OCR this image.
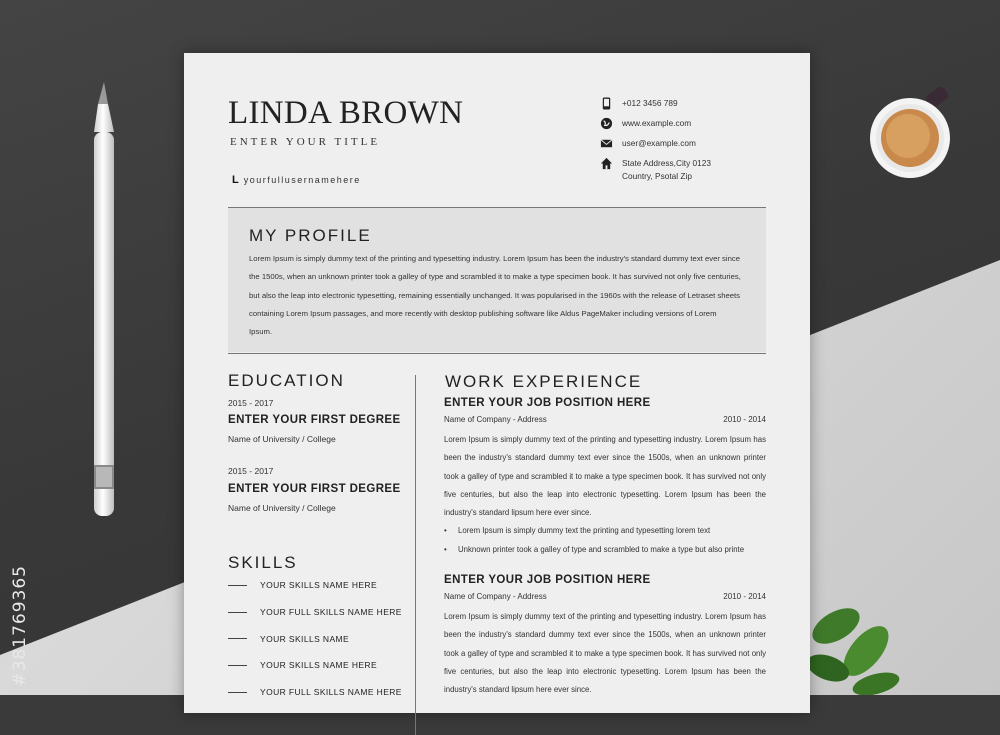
#381769365
LINDA BROWN
ENTER YOUR TITLE
L yourfullusernamehere
+012 3456 789
www.example.com
user@example.com
State Address,City 0123
Country, Psotal Zip
MY PROFILE

Lorem Ipsum is simply dummy text of the printing and typesetting industry. Lorem Ipsum has been the industry's standard dummy text ever since the 1500s, when an unknown printer took a galley of type and scrambled it to make a type specimen book. It has survived not only five centuries, but also the leap into electronic typesetting, remaining essentially unchanged. It was popularised in the 1960s with the release of Letraset sheets containing Lorem Ipsum passages, and more recently with desktop publishing software like Aldus PageMaker including versions of Lorem Ipsum.

EDUCATION
2015 - 2017
ENTER YOUR FIRST DEGREE
Name of University / College
2015 - 2017
ENTER YOUR FIRST DEGREE
Name of University / College
SKILLS
YOUR SKILLS NAME HERE
YOUR FULL SKILLS NAME HERE
YOUR SKILLS NAME
YOUR SKILLS NAME HERE
YOUR FULL SKILLS NAME HERE
WORK EXPERIENCE
ENTER YOUR JOB POSITION HERE
Name of Company - Address	2010 - 2014

Lorem Ipsum is simply dummy text of the printing and typesetting industry. Lorem Ipsum has been the industry's standard dummy text ever since the 1500s, when an unknown printer took a galley of type and scrambled it to make a type specimen book. It has survived not only five centuries, but also the leap into electronic typesetting. Lorem Ipsum has been the industry's standard lipsum here ever since.

• Lorem Ipsum is simply dummy text the printing and typesetting lorem text
• Unknown printer took a galley of type and scrambled to make a type but also printe
ENTER YOUR JOB POSITION HERE
Name of Company - Address	2010 - 2014

Lorem Ipsum is simply dummy text of the printing and typesetting industry. Lorem Ipsum has been the industry's standard dummy text ever since the 1500s, when an unknown printer took a galley of type and scrambled it to make a type specimen book. It has survived not only five centuries, but also the leap into electronic typesetting. Lorem Ipsum has been the industry's standard lipsum here ever since.
